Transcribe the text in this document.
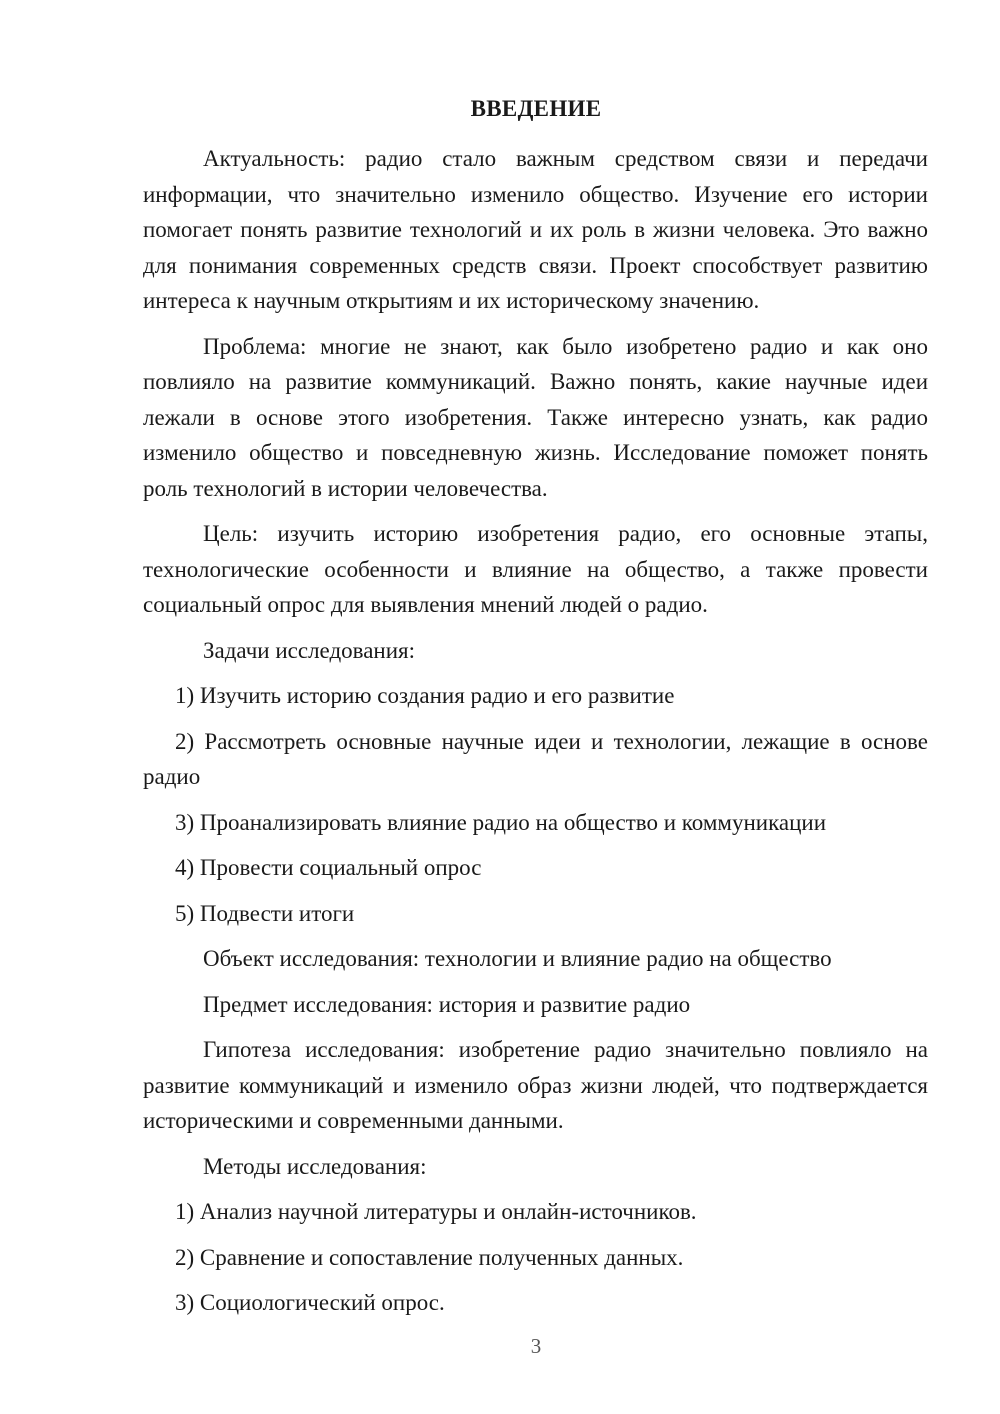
ВВЕДЕНИЕ

Актуальность: радио стало важным средством связи и передачи информации, что значительно изменило общество. Изучение его истории помогает понять развитие технологий и их роль в жизни человека. Это важно для понимания современных средств связи. Проект способствует развитию интереса к научным открытиям и их историческому значению.

Проблема: многие не знают, как было изобретено радио и как оно повлияло на развитие коммуникаций. Важно понять, какие научные идеи лежали в основе этого изобретения. Также интересно узнать, как радио изменило общество и повседневную жизнь. Исследование поможет понять роль технологий в истории человечества.

Цель: изучить историю изобретения радио, его основные этапы, технологические особенности и влияние на общество, а также провести социальный опрос для выявления мнений людей о радио.

Задачи исследования:

1) Изучить историю создания радио и его развитие

2) Рассмотреть основные научные идеи и технологии, лежащие в основе радио

3) Проанализировать влияние радио на общество и коммуникации

4) Провести социальный опрос

5) Подвести итоги

Объект исследования: технологии и влияние радио на общество

Предмет исследования: история и развитие радио

Гипотеза исследования: изобретение радио значительно повлияло на развитие коммуникаций и изменило образ жизни людей, что подтверждается историческими и современными данными.

Методы исследования:

1) Анализ научной литературы и онлайн-источников.

2) Сравнение и сопоставление полученных данных.

3) Социологический опрос.

3
